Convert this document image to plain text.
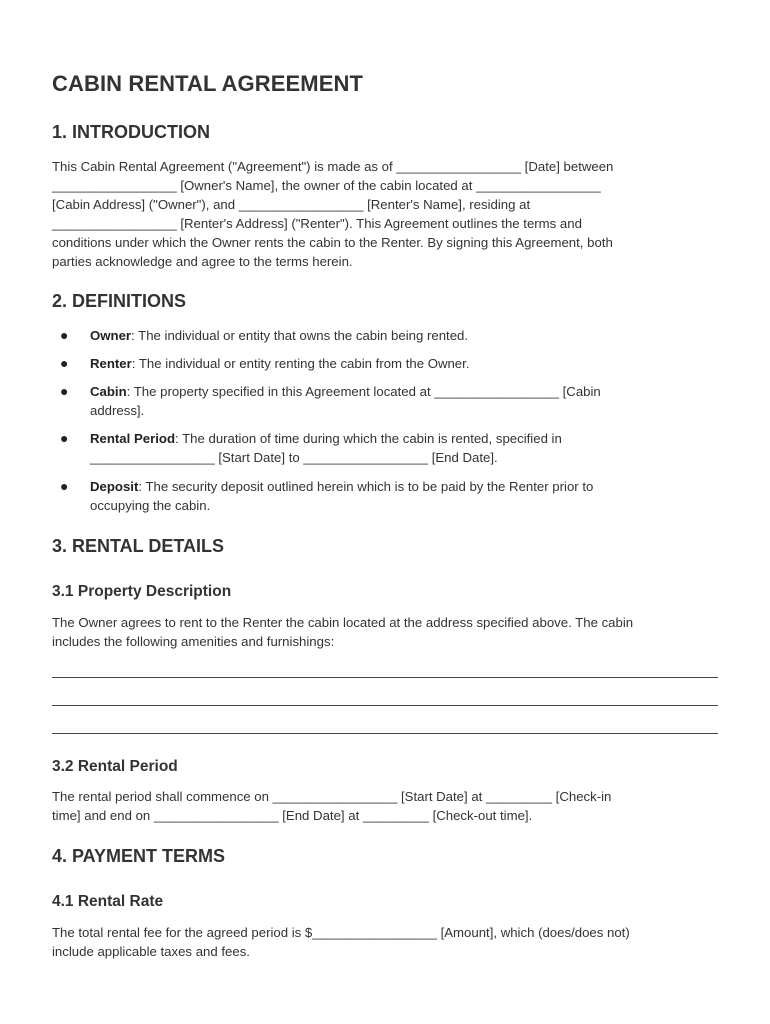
CABIN RENTAL AGREEMENT
1. INTRODUCTION
This Cabin Rental Agreement ("Agreement") is made as of _________________ [Date] between
_________________ [Owner's Name], the owner of the cabin located at _________________
[Cabin Address] ("Owner"), and _________________ [Renter's Name], residing at
_________________ [Renter's Address] ("Renter"). This Agreement outlines the terms and
conditions under which the Owner rents the cabin to the Renter. By signing this Agreement, both
parties acknowledge and agree to the terms herein.
2. DEFINITIONS
● Owner: The individual or entity that owns the cabin being rented.
● Renter: The individual or entity renting the cabin from the Owner.
● Cabin: The property specified in this Agreement located at _________________ [Cabin
address].
● Rental Period: The duration of time during which the cabin is rented, specified in
_________________ [Start Date] to _________________ [End Date].
● Deposit: The security deposit outlined herein which is to be paid by the Renter prior to
occupying the cabin.
3. RENTAL DETAILS
3.1 Property Description
The Owner agrees to rent to the Renter the cabin located at the address specified above. The cabin
includes the following amenities and furnishings:
3.2 Rental Period
The rental period shall commence on _________________ [Start Date] at _________ [Check-in
time] and end on _________________ [End Date] at _________ [Check-out time].
4. PAYMENT TERMS
4.1 Rental Rate
The total rental fee for the agreed period is $_________________ [Amount], which (does/does not)
include applicable taxes and fees.
